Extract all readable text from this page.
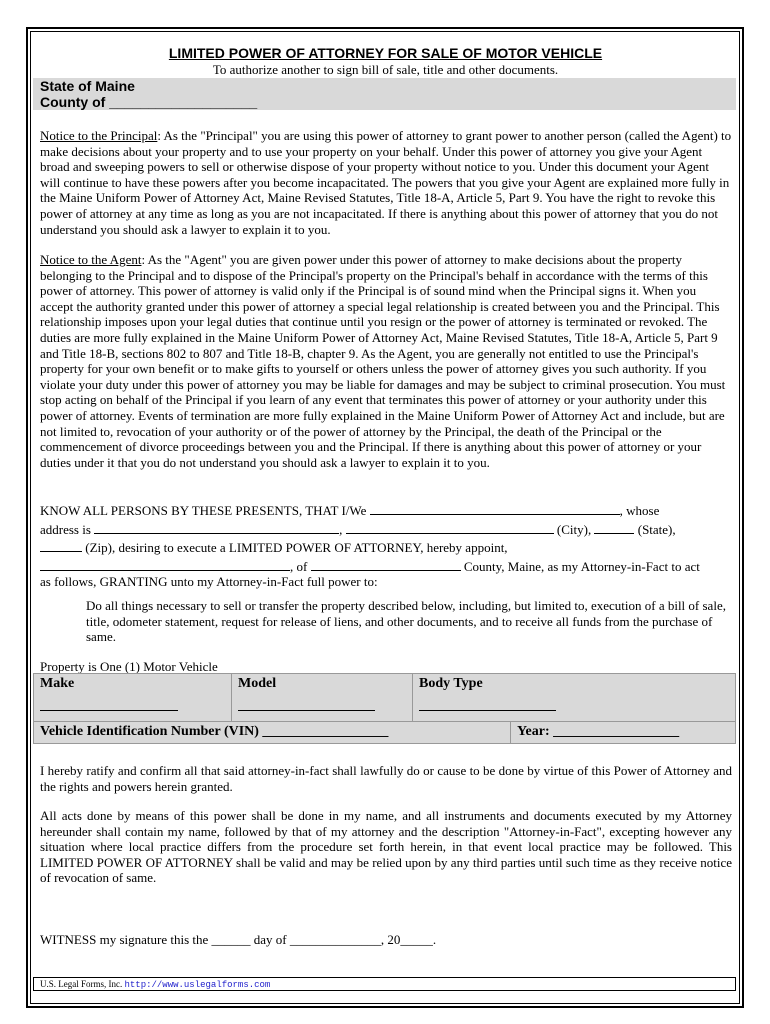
LIMITED POWER OF ATTORNEY FOR SALE OF MOTOR VEHICLE
To authorize another to sign bill of sale, title and other documents.
State of Maine
County of ___________________

Notice to the Principal: As the "Principal" you are using this power of attorney to grant power to another person (called the Agent) to make decisions about your property and to use your property on your behalf. Under this power of attorney you give your Agent broad and sweeping powers to sell or otherwise dispose of your property without notice to you. Under this document your Agent will continue to have these powers after you become incapacitated. The powers that you give your Agent are explained more fully in the Maine Uniform Power of Attorney Act, Maine Revised Statutes, Title 18-A, Article 5, Part 9. You have the right to revoke this power of attorney at any time as long as you are not incapacitated. If there is anything about this power of attorney that you do not understand you should ask a lawyer to explain it to you.

Notice to the Agent: As the "Agent" you are given power under this power of attorney to make decisions about the property belonging to the Principal and to dispose of the Principal's property on the Principal's behalf in accordance with the terms of this power of attorney. This power of attorney is valid only if the Principal is of sound mind when the Principal signs it. When you accept the authority granted under this power of attorney a special legal relationship is created between you and the Principal. This relationship imposes upon your legal duties that continue until you resign or the power of attorney is terminated or revoked. The duties are more fully explained in the Maine Uniform Power of Attorney Act, Maine Revised Statutes, Title 18-A, Article 5, Part 9 and Title 18-B, sections 802 to 807 and Title 18-B, chapter 9. As the Agent, you are generally not entitled to use the Principal's property for your own benefit or to make gifts to yourself or others unless the power of attorney gives you such authority. If you violate your duty under this power of attorney you may be liable for damages and may be subject to criminal prosecution. You must stop acting on behalf of the Principal if you learn of any event that terminates this power of attorney or your authority under this power of attorney. Events of termination are more fully explained in the Maine Uniform Power of Attorney Act and include, but are not limited to, revocation of your authority or of the power of attorney by the Principal, the death of the Principal or the commencement of divorce proceedings between you and the Principal. If there is anything about this power of attorney or your duties under it that you do not understand you should ask a lawyer to explain it to you.

KNOW ALL PERSONS BY THESE PRESENTS, THAT I/We	, whose
address is	,	(City),	(State),
(Zip), desiring to execute a LIMITED POWER OF ATTORNEY, hereby appoint,
, of	County, Maine, as my Attorney-in-Fact to act
as follows, GRANTING unto my Attorney-in-Fact full power to:

Do all things necessary to sell or transfer the property described below, including, but limited to, execution of a bill of sale, title, odometer statement, request for release of liens, and other documents, and to receive all funds from the purchase of same.

Property is One (1) Motor Vehicle

Make	Model	Body Type	

Vehicle Identification Number (VIN) __________________			Year: __________________

I hereby ratify and confirm all that said attorney-in-fact shall lawfully do or cause to be done by virtue of this Power of Attorney and the rights and powers herein granted.

All acts done by means of this power shall be done in my name, and all instruments and documents executed by my Attorney hereunder shall contain my name, followed by that of my attorney and the description "Attorney-in-Fact", excepting however any situation where local practice differs from the procedure set forth herein, in that event local practice may be followed. This LIMITED POWER OF ATTORNEY shall be valid and may be relied upon by any third parties until such time as they receive notice of revocation of same.

WITNESS my signature this the ______ day of ______________, 20_____.

U.S. Legal Forms, Inc. http://www.uslegalforms.com
